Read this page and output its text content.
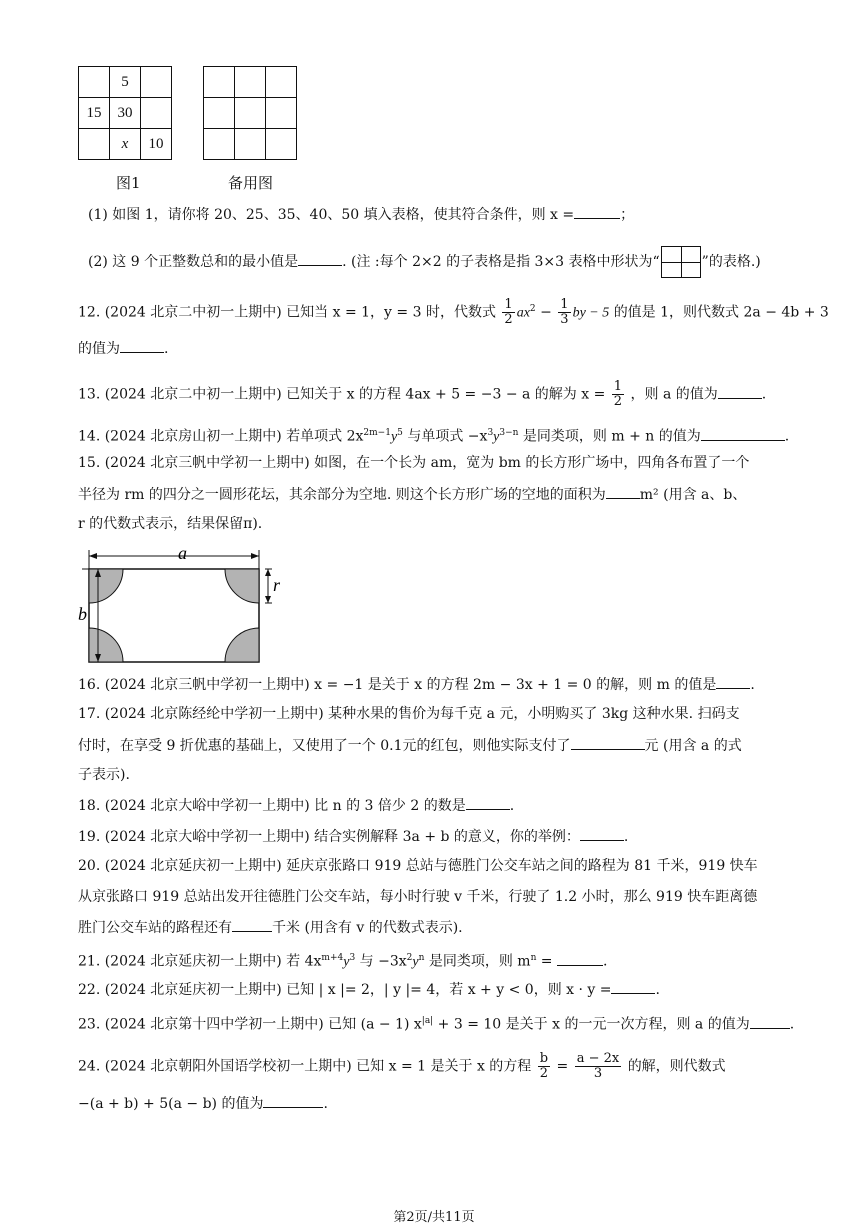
	5	
15	30	
	x	10
图1

			备用图
(1) 如图 1，请你将 20、25、35、40、50 填入表格，使其符合条件，则 x =	；
(2) 这 9 个正整数总和的最小值是	. (注 :每个 2×2 的子表格是指 3×3 表格中形状为“	”的表格.)
12. (2024 北京二中初一上期中) 已知当 x = 1，y = 3 时，代数式 $\frac{1}{2} ax^2 - \frac{1}{3}$ by − 5 的值是 1，则代数式 2a − 4b + 3
的值为	.
13. (2024 北京二中初一上期中) 已知关于 x 的方程 4ax + 5 = −3 − a 的解为 $x = \frac{1}{2}$ ，则 a 的值为	.
14. (2024 北京房山初一上期中) 若单项式 $2x^{2m-1}y^5$ 与单项式 $-x^3y^{3-n}$ 是同类项，则 m + n 的值为	.
15. (2024 北京三帆中学初一上期中) 如图，在一个长为 am，宽为 bm 的长方形广场中，四角各布置了一个
半径为 rm 的四分之一圆形花坛，其余部分为空地. 则这个长方形广场的空地的面积为 m² (用含 a、b、
r 的代数式表示，结果保留π).
a
b
r
16. (2024 北京三帆中学初一上期中) x = −1 是关于 x 的方程 2m − 3x + 1 = 0 的解，则 m 的值是 .
17. (2024 北京陈经纶中学初一上期中) 某种水果的售价为每千克 a 元，小明购买了 3kg 这种水果. 扫码支
付时，在享受 9 折优惠的基础上，又使用了一个 0.1元的红包，则他实际支付了	元 (用含 a 的式
子表示).
18. (2024 北京大峪中学初一上期中) 比 n 的 3 倍少 2 的数是	.
19. (2024 北京大峪中学初一上期中) 结合实例解释 3a + b 的意义，你的举例：	.
20. (2024 北京延庆初一上期中) 延庆京张路口 919 总站与德胜门公交车站之间的路程为 81 千米，919 快车
从京张路口 919 总站出发开往德胜门公交车站，每小时行驶 v 千米，行驶了 1.2 小时，那么 919 快车距离德
胜门公交车站的路程还有	千米 (用含有 v 的代数式表示).
21. (2024 北京延庆初一上期中) 若 $4x^{m+4}y^3$ 与 $-3x^2y^n$ 是同类项，则 $m^n$ =	.
22. (2024 北京延庆初一上期中) 已知 | x |= 2，| y |= 4，若 x + y < 0，则 x · y =	.
23. (2024 北京第十四中学初一上期中) 已知 (a − 1) $x^{|a|} + 3 = 10$ 是关于 x 的一元一次方程，则 a 的值为	.
24. (2024 北京朝阳外国语学校初一上期中) 已知 x = 1 是关于 x 的方程 $\frac{b}{2} = \frac{a - 2x}{3}$ 的解，则代数式
−(a + b) + 5(a − b) 的值为	.
第2页/共11页
